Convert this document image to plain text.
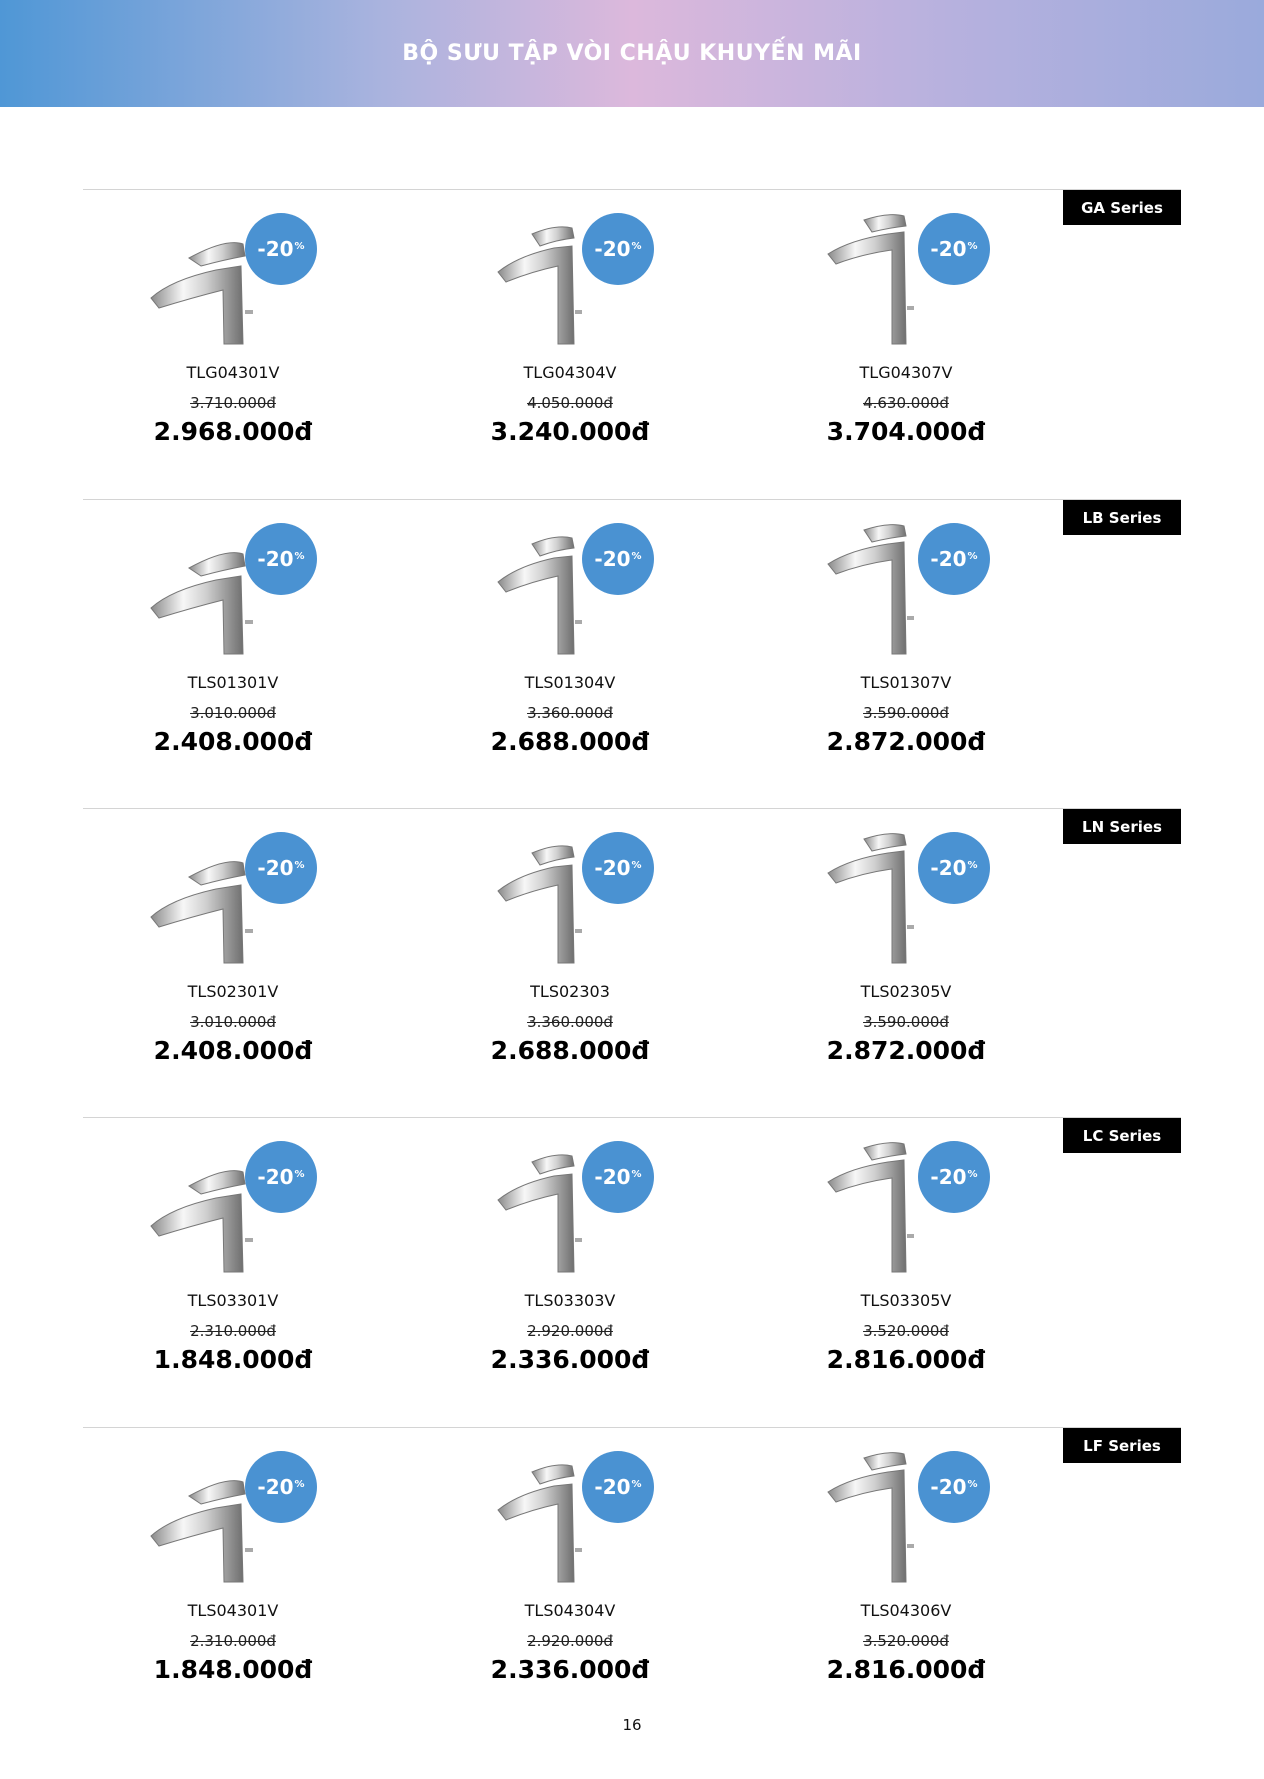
BỘ SƯU TẬP VÒI CHẬU KHUYẾN MÃI
GA Series
-20%
TLG04301V
3.710.000đ
2.968.000đ
-20%
TLG04304V
4.050.000đ
3.240.000đ
-20%
TLG04307V
4.630.000đ
3.704.000đ
LB Series
-20%
TLS01301V
3.010.000đ
2.408.000đ
-20%
TLS01304V
3.360.000đ
2.688.000đ
-20%
TLS01307V
3.590.000đ
2.872.000đ
LN Series
-20%
TLS02301V
3.010.000đ
2.408.000đ
-20%
TLS02303
3.360.000đ
2.688.000đ
-20%
TLS02305V
3.590.000đ
2.872.000đ
LC Series
-20%
TLS03301V
2.310.000đ
1.848.000đ
-20%
TLS03303V
2.920.000đ
2.336.000đ
-20%
TLS03305V
3.520.000đ
2.816.000đ
LF Series
-20%
TLS04301V
2.310.000đ
1.848.000đ
-20%
TLS04304V
2.920.000đ
2.336.000đ
-20%
TLS04306V
3.520.000đ
2.816.000đ
16
